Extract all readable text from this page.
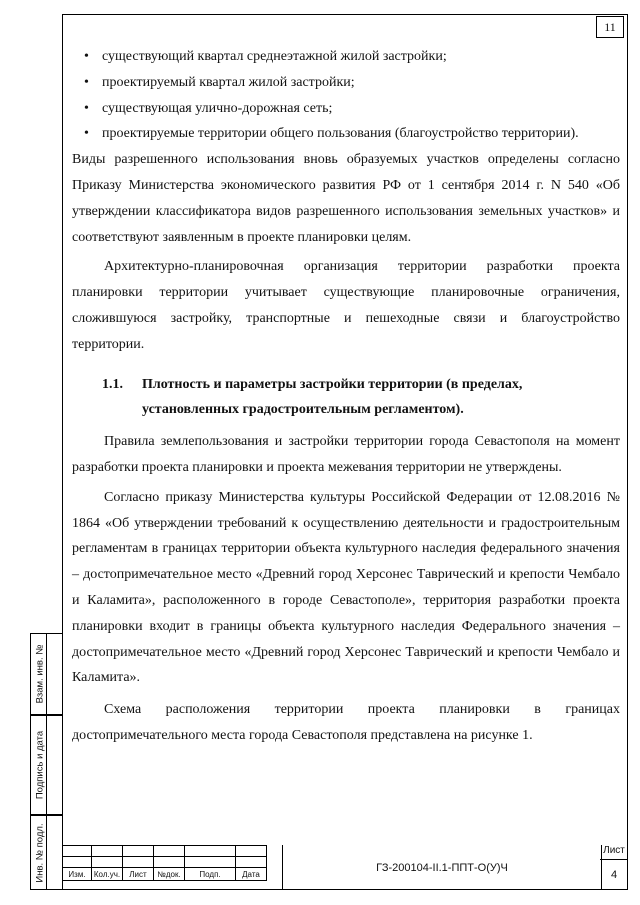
11
Взам. инв. №
Подпись и дата
Инв. № подл.
• существующий квартал среднеэтажной жилой застройки;
• проектируемый квартал жилой застройки;
• существующая улично-дорожная сеть;
• проектируемые территории общего пользования (благоустройство территории).

Виды разрешенного использования вновь образуемых участков определены согласно Приказу Министерства экономического развития РФ от 1 сентября 2014 г. N 540 «Об утверждении классификатора видов разрешенного использования земельных участков» и соответствуют заявленным в проекте планировки целям.

Архитектурно-планировочная организация территории разработки проекта планировки территории учитывает существующие планировочные ограничения, сложившуюся застройку, транспортные и пешеходные связи и благоустройство территории.

1.1. Плотность и параметры застройки территории (в пределах,

установленных градостроительным регламентом).

Правила землепользования и застройки территории города Севастополя на момент разработки проекта планировки и проекта межевания территории не утверждены.

Согласно приказу Министерства культуры Российской Федерации от 12.08.2016 № 1864 «Об утверждении требований к осуществлению деятельности и градостроительным регламентам в границах территории объекта культурного наследия федерального значения – достопримечательное место «Древний город Херсонес Таврический и крепости Чембало и Каламита», расположенного в городе Севастополе», территория разработки проекта планировки входит в границы объекта культурного наследия Федерального значения – достопримечательное место «Древний город Херсонес Таврический и крепости Чембало и Каламита».

Схема расположения территории проекта планировки в границах достопримечательного места города Севастополя представлена на рисунке 1.

Изм.	Кол.уч.	Лист	№док.	Подп.	Дата
ГЗ-200104-II.1-ППТ-О(У)Ч
Лист
4
